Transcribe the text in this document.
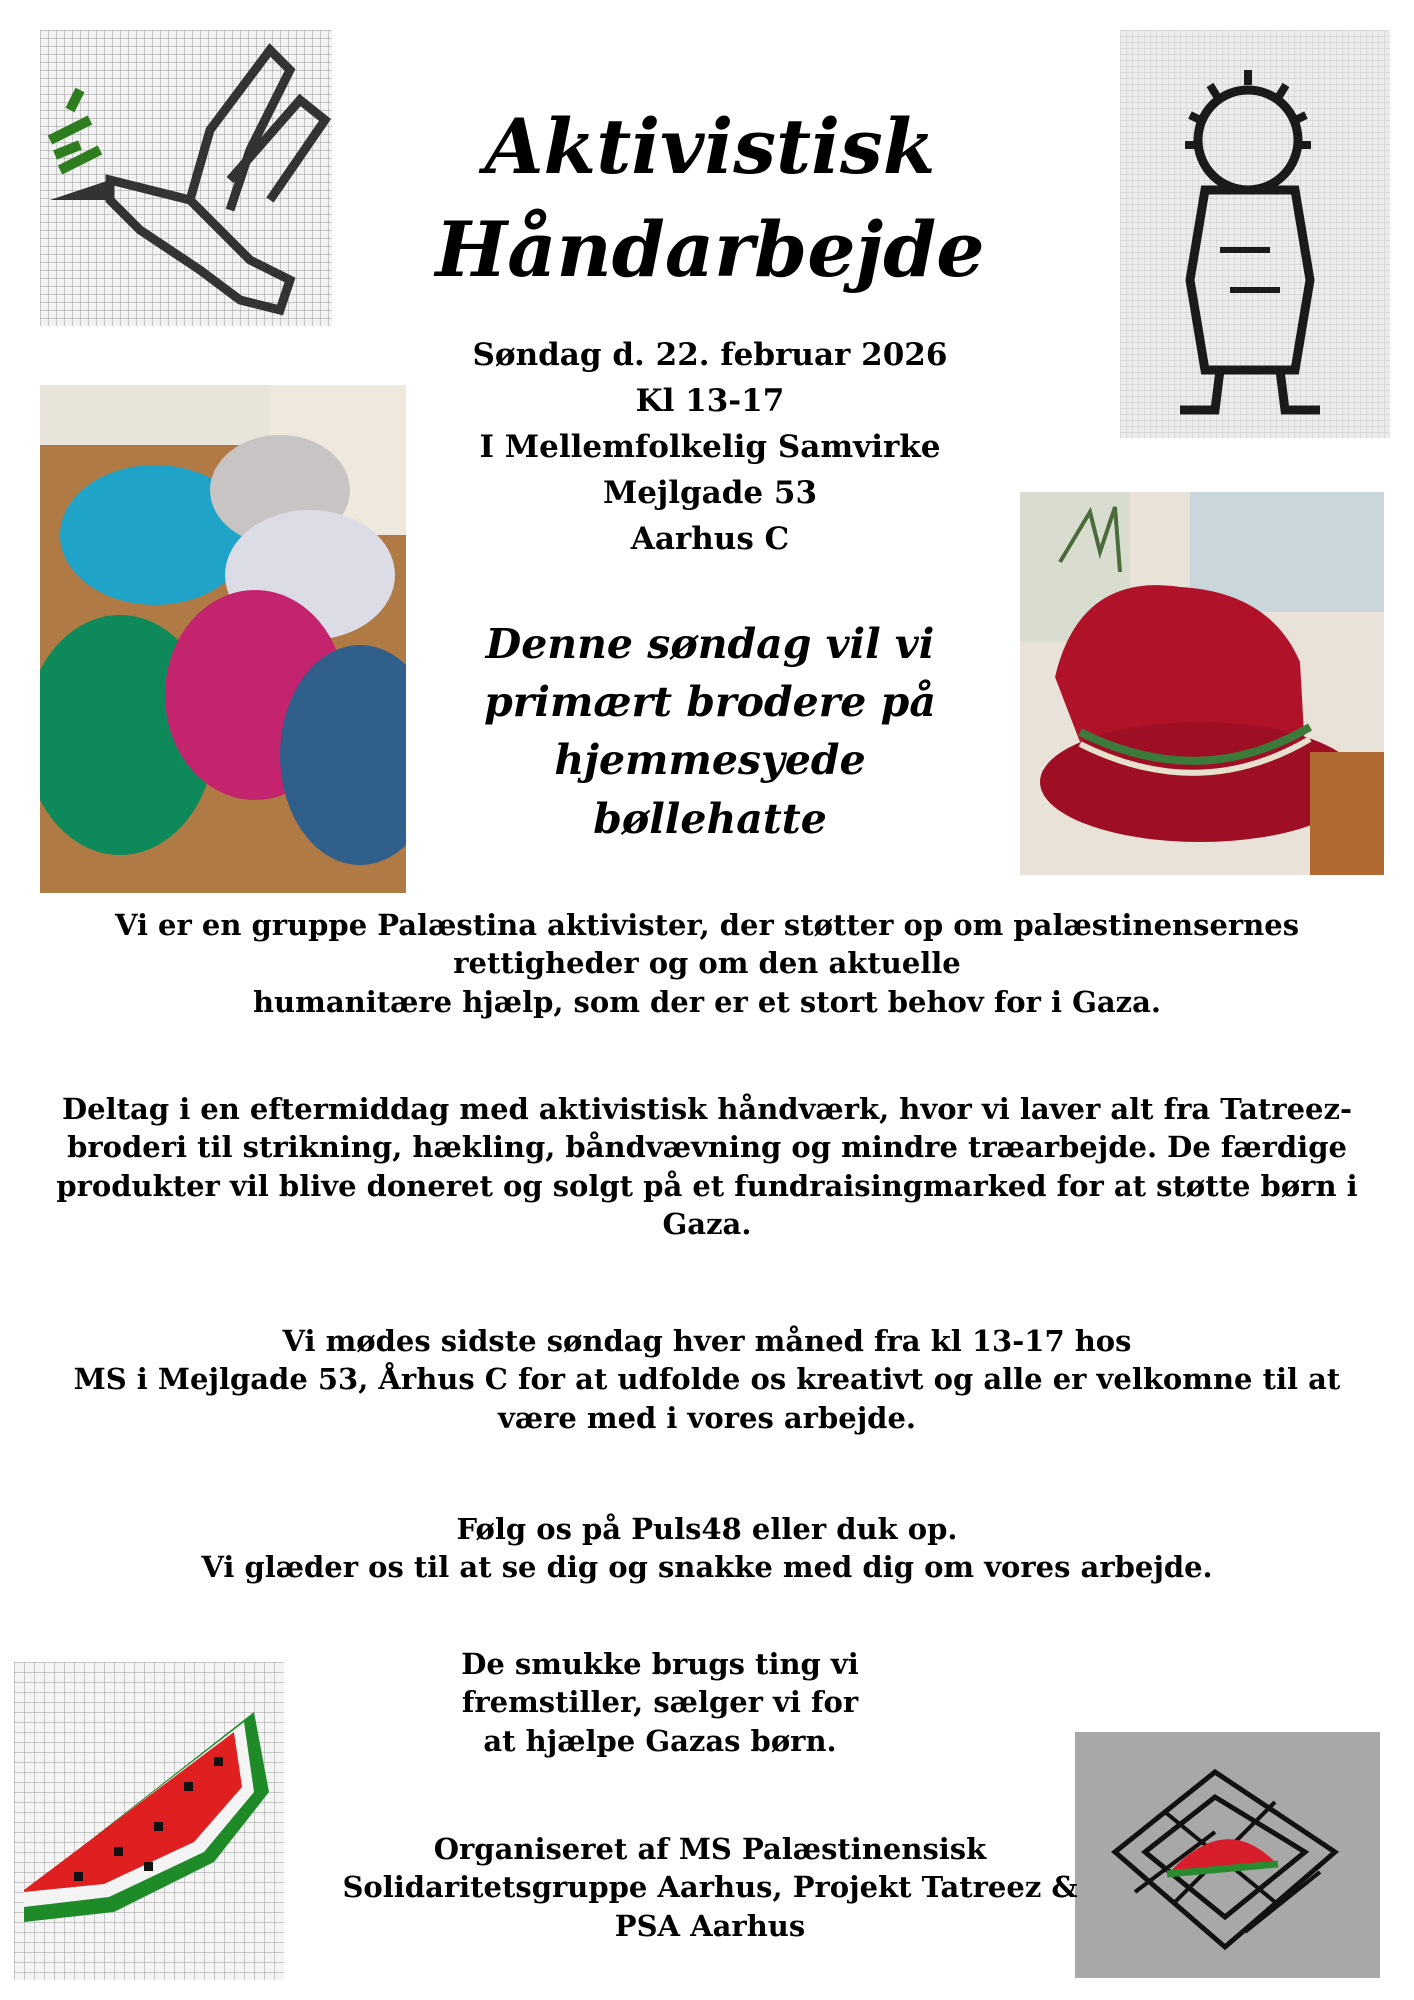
Aktivistisk
Håndarbejde
Søndag d. 22. februar 2026
Kl 13-17
I Mellemfolkelig Samvirke
Mejlgade 53
Aarhus C
Denne søndag vil vi
primært brodere på
hjemmesyede
bøllehatte
Vi er en gruppe Palæstina aktivister, der støtter op om palæstinensernes
rettigheder og om den aktuelle
humanitære hjælp, som der er et stort behov for i Gaza.
Deltag i en eftermiddag med aktivistisk håndværk, hvor vi laver alt fra Tatreez-broderi til strikning, hækling, båndvævning og mindre træarbejde. De færdige produkter vil blive doneret og solgt på et fundraisingmarked for at støtte børn i Gaza.
Vi mødes sidste søndag hver måned fra kl 13-17 hos
MS i Mejlgade 53, Århus C for at udfolde os kreativt og alle er velkomne til at være med i vores arbejde.
Følg os på Puls48 eller duk op.
Vi glæder os til at se dig og snakke med dig om vores arbejde.
De smukke brugs ting vi
fremstiller, sælger vi for
at hjælpe Gazas børn.
Organiseret af MS Palæstinensisk Solidaritetsgruppe Aarhus, Projekt Tatreez & PSA Aarhus
